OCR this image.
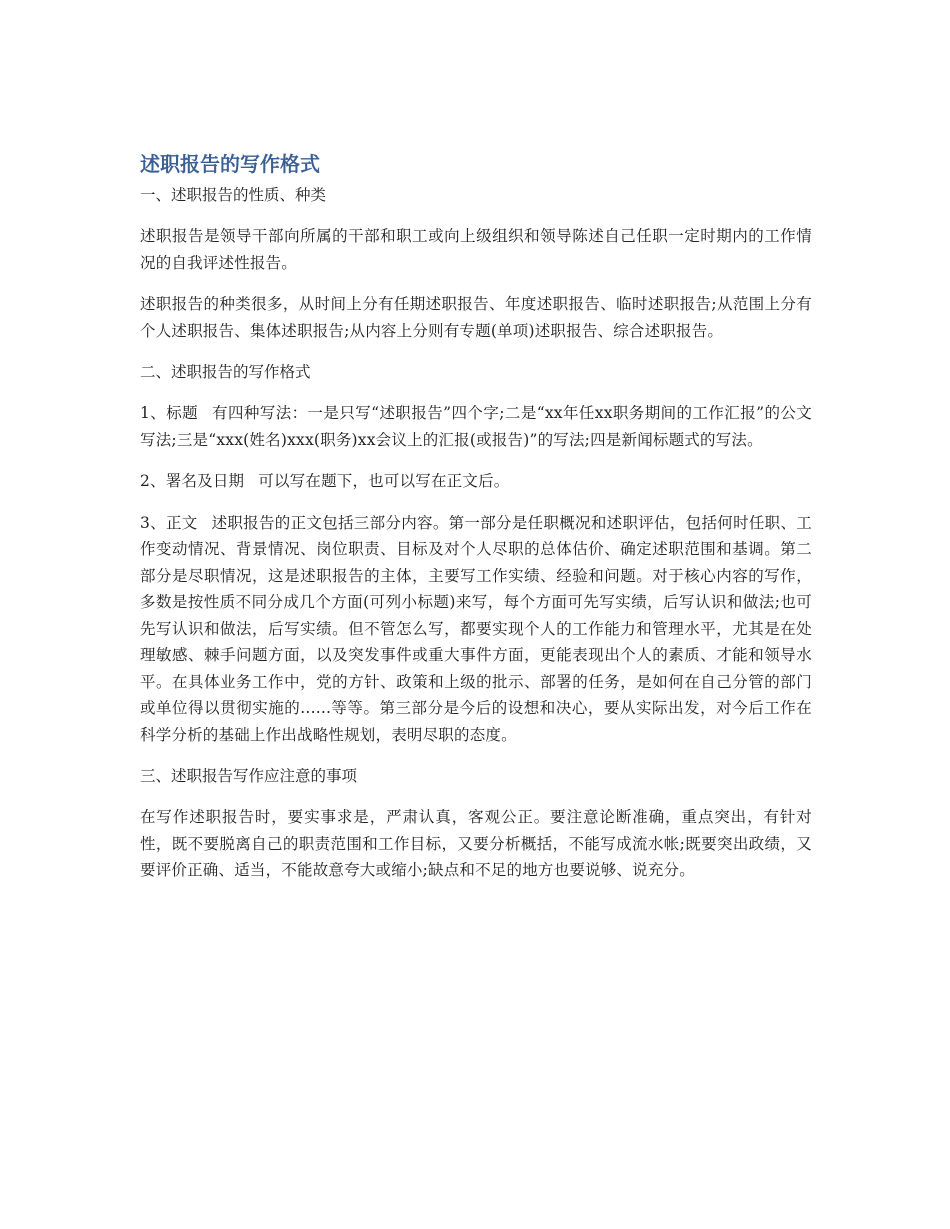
述职报告的写作格式
一、述职报告的性质、种类

述职报告是领导干部向所属的干部和职工或向上级组织和领导陈述自己任职一定时期内的工作情况的自我评述性报告。

述职报告的种类很多，从时间上分有任期述职报告、年度述职报告、临时述职报告;从范围上分有个人述职报告、集体述职报告;从内容上分则有专题(单项)述职报告、综合述职报告。

二、述职报告的写作格式

1、标题 有四种写法：一是只写“述职报告”四个字;二是“xx年任xx职务期间的工作汇报”的公文写法;三是“xxx(姓名)xxx(职务)xx会议上的汇报(或报告)”的写法;四是新闻标题式的写法。

2、署名及日期 可以写在题下，也可以写在正文后。

3、正文 述职报告的正文包括三部分内容。第一部分是任职概况和述职评估，包括何时任职、工作变动情况、背景情况、岗位职责、目标及对个人尽职的总体估价、确定述职范围和基调。第二部分是尽职情况，这是述职报告的主体，主要写工作实绩、经验和问题。对于核心内容的写作，多数是按性质不同分成几个方面(可列小标题)来写，每个方面可先写实绩，后写认识和做法;也可先写认识和做法，后写实绩。但不管怎么写，都要实现个人的工作能力和管理水平，尤其是在处理敏感、棘手问题方面，以及突发事件或重大事件方面，更能表现出个人的素质、才能和领导水平。在具体业务工作中，党的方针、政策和上级的批示、部署的任务，是如何在自己分管的部门或单位得以贯彻实施的......等等。第三部分是今后的设想和决心，要从实际出发，对今后工作在科学分析的基础上作出战略性规划，表明尽职的态度。

三、述职报告写作应注意的事项

在写作述职报告时，要实事求是，严肃认真，客观公正。要注意论断准确，重点突出，有针对性，既不要脱离自己的职责范围和工作目标，又要分析概括，不能写成流水帐;既要突出政绩，又要评价正确、适当，不能故意夸大或缩小;缺点和不足的地方也要说够、说充分。
